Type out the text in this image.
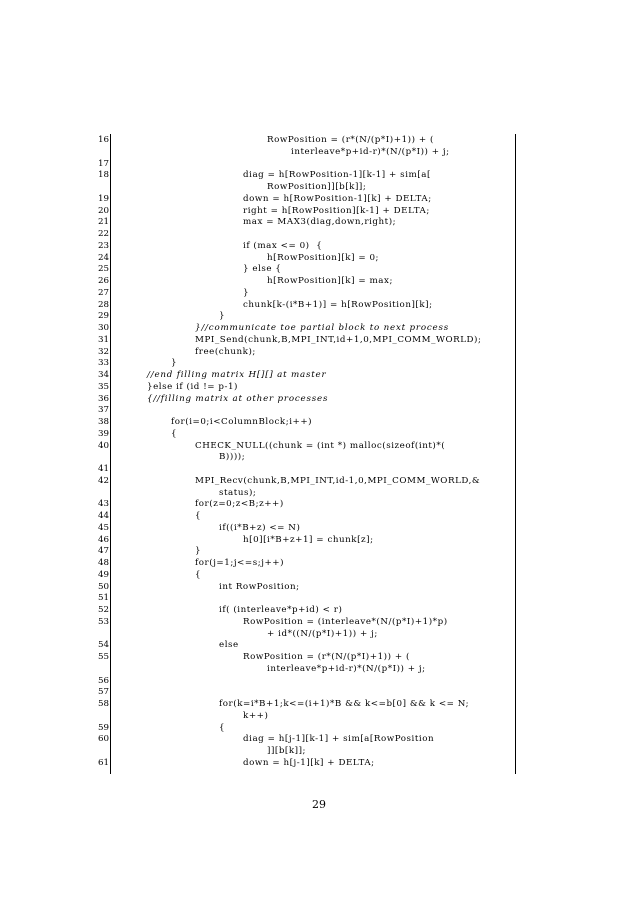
16	RowPosition = (r*(N/(p*I)+1)) + (
interleave*p+id-r)*(N/(p*I)) + j;
17
18	diag = h[RowPosition-1][k-1] + sim[a[
RowPosition]][b[k]];
19	down = h[RowPosition-1][k] + DELTA;
20	right = h[RowPosition][k-1] + DELTA;
21	max = MAX3(diag,down,right);
22
23	if (max <= 0)  {
24	h[RowPosition][k] = 0;
25	} else {
26	h[RowPosition][k] = max;
27	}
28	chunk[k-(i*B+1)] = h[RowPosition][k];
29	}
30	}//communicate toe partial block to next process
31	MPI_Send(chunk,B,MPI_INT,id+1,0,MPI_COMM_WORLD);
32	free(chunk);
33	}
34	//end filling matrix H[][] at master
35	}else if (id != p-1)
36	{//filling matrix at other processes
37
38	for(i=0;i<ColumnBlock;i++)
39	{
40	CHECK_NULL((chunk = (int *) malloc(sizeof(int)*(
B))));
41
42	MPI_Recv(chunk,B,MPI_INT,id-1,0,MPI_COMM_WORLD,&
status);
43	for(z=0;z<B;z++)
44	{
45	if((i*B+z) <= N)
46	h[0][i*B+z+1] = chunk[z];
47	}
48	for(j=1;j<=s;j++)
49	{
50	int RowPosition;
51
52	if( (interleave*p+id) < r)
53	RowPosition = (interleave*(N/(p*I)+1)*p)
+ id*((N/(p*I)+1)) + j;
54	else
55	RowPosition = (r*(N/(p*I)+1)) + (
interleave*p+id-r)*(N/(p*I)) + j;
56
57
58	for(k=i*B+1;k<=(i+1)*B && k<=b[0] && k <= N;
k++)
59	{
60	diag = h[j-1][k-1] + sim[a[RowPosition
]][b[k]];
61	down = h[j-1][k] + DELTA;
29
